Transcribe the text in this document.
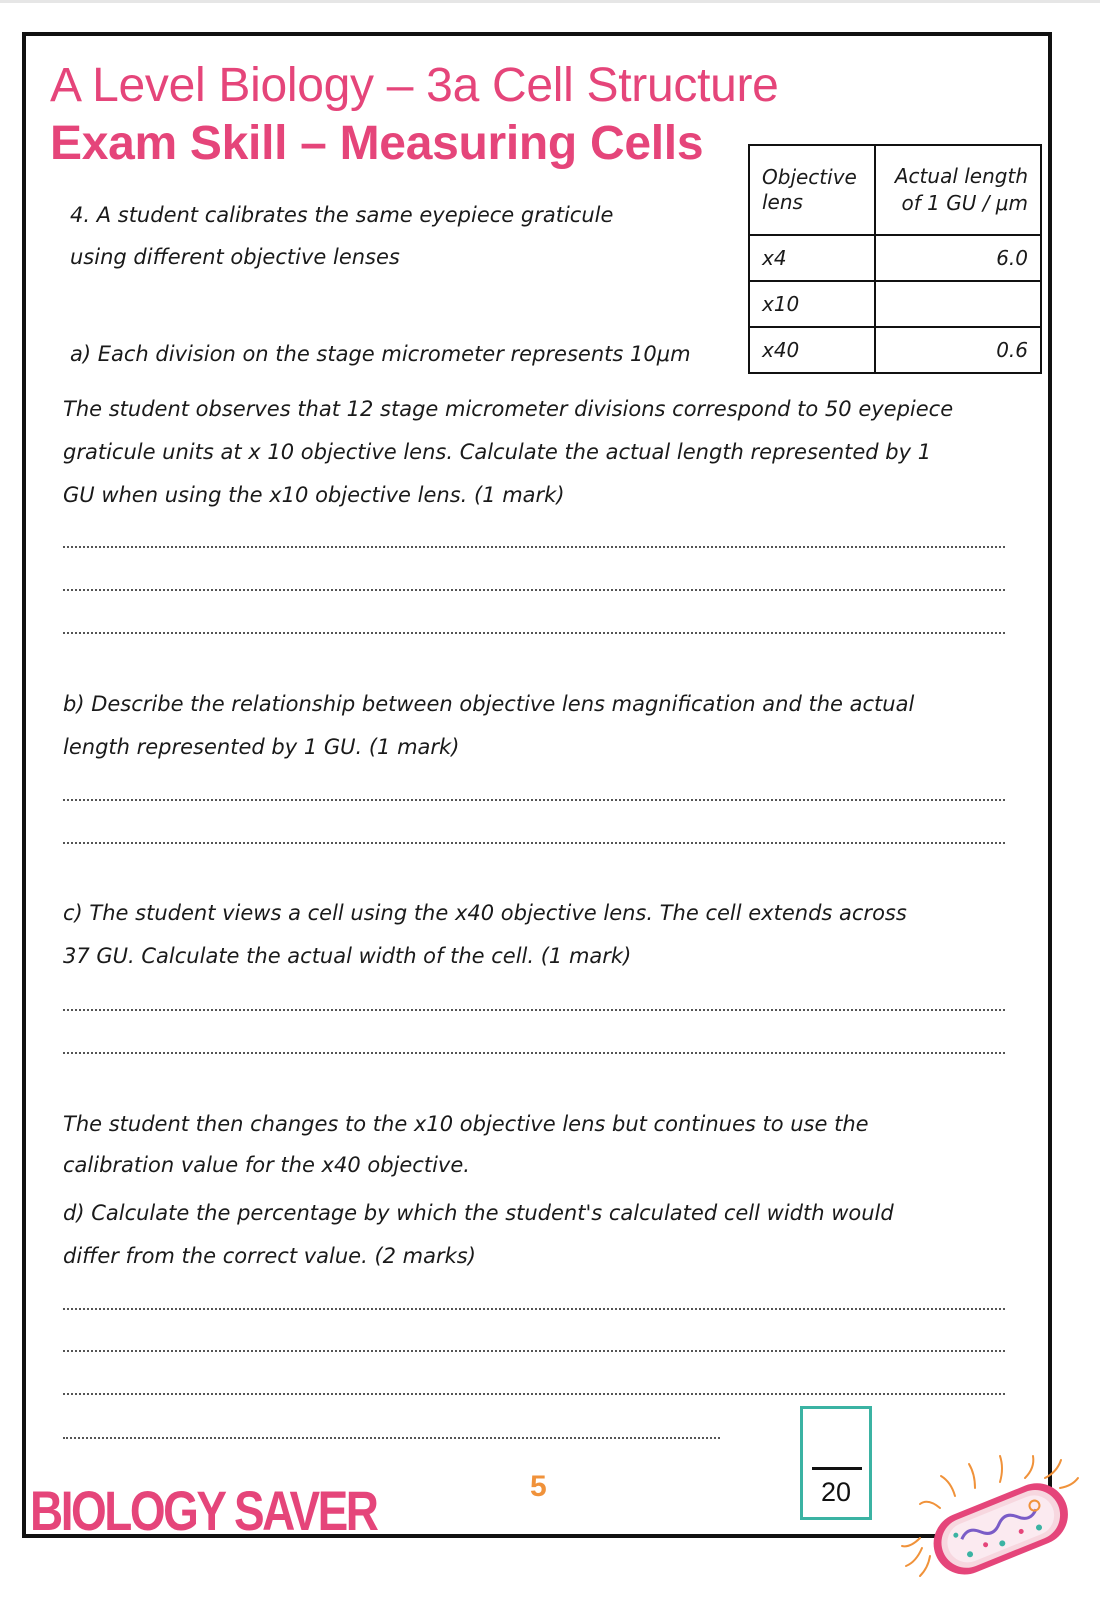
A Level Biology – 3a Cell Structure
Exam Skill – Measuring Cells
Objective lens	Actual length of 1 GU / μm
x4	6.0
x10	
x40	0.6
4. A student calibrates the same eyepiece graticule
using different objective lenses
a) Each division on the stage micrometer represents 10μm
The student observes that 12 stage micrometer divisions correspond to 50 eyepiece
graticule units at x 10 objective lens. Calculate the actual length represented by 1
GU when using the x10 objective lens. (1 mark)
b) Describe the relationship between objective lens magnification and the actual
length represented by 1 GU. (1 mark)
c) The student views a cell using the x40 objective lens. The cell extends across
37 GU. Calculate the actual width of the cell. (1 mark)
The student then changes to the x10 objective lens but continues to use the
calibration value for the x40 objective.
d) Calculate the percentage by which the student's calculated cell width would
differ from the correct value. (2 marks)
BIOLOGY SAVER	5	20
